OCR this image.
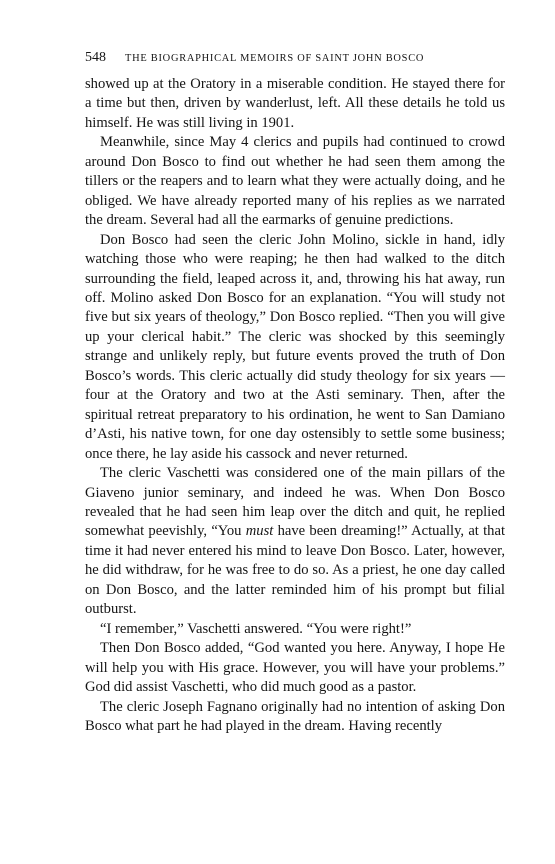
548 THE BIOGRAPHICAL MEMOIRS OF SAINT JOHN BOSCO

showed up at the Oratory in a miserable condition. He stayed there for a time but then, driven by wanderlust, left. All these details he told us himself. He was still living in 1901.

Meanwhile, since May 4 clerics and pupils had continued to crowd around Don Bosco to find out whether he had seen them among the tillers or the reapers and to learn what they were actually doing, and he obliged. We have already reported many of his replies as we narrated the dream. Several had all the earmarks of genuine predictions.

Don Bosco had seen the cleric John Molino, sickle in hand, idly watching those who were reaping; he then had walked to the ditch surrounding the field, leaped across it, and, throwing his hat away, run off. Molino asked Don Bosco for an explanation. “You will study not five but six years of theology,” Don Bosco replied. “Then you will give up your clerical habit.” The cleric was shocked by this seemingly strange and unlikely reply, but future events proved the truth of Don Bosco’s words. This cleric actually did study theology for six years — four at the Oratory and two at the Asti seminary. Then, after the spiritual retreat preparatory to his ordination, he went to San Damiano d’Asti, his native town, for one day ostensibly to settle some business; once there, he lay aside his cassock and never returned.

The cleric Vaschetti was considered one of the main pillars of the Giaveno junior seminary, and indeed he was. When Don Bosco revealed that he had seen him leap over the ditch and quit, he replied somewhat peevishly, “You must have been dreaming!” Actually, at that time it had never entered his mind to leave Don Bosco. Later, however, he did withdraw, for he was free to do so. As a priest, he one day called on Don Bosco, and the latter reminded him of his prompt but filial outburst.

“I remember,” Vaschetti answered. “You were right!”

Then Don Bosco added, “God wanted you here. Anyway, I hope He will help you with His grace. However, you will have your problems.” God did assist Vaschetti, who did much good as a pastor.

The cleric Joseph Fagnano originally had no intention of asking Don Bosco what part he had played in the dream. Having recently
